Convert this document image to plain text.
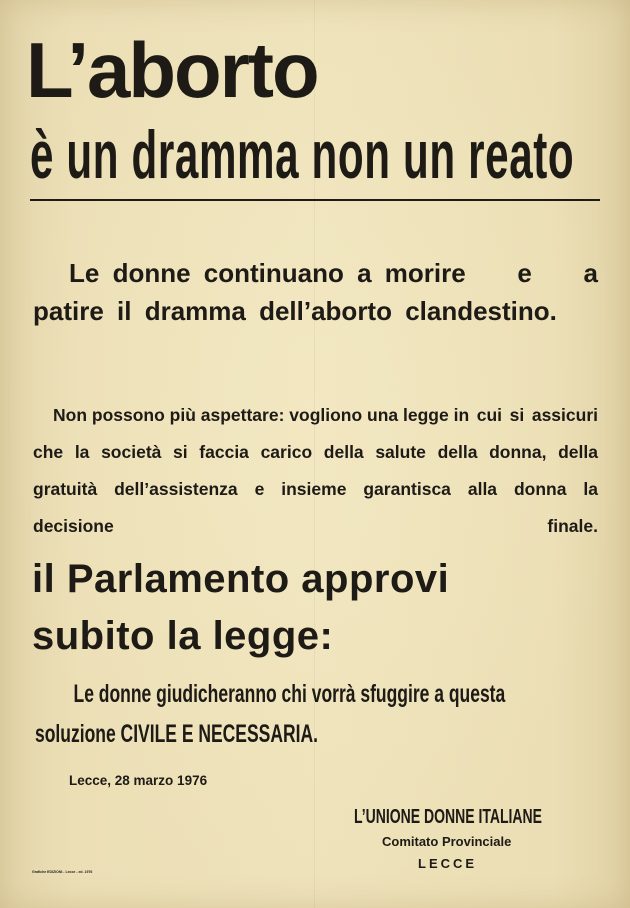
L’aborto
è un dramma non un reato

Le donne continuano a morire e a patire il dramma dell’aborto clandestino.

Non possono più aspettare: vogliono una legge in cui si assicuri che la società si faccia carico della salute della donna, della gratuità dell’assistenza e insieme garantisca alla donna la decisione finale.

il Parlamento approvi

subito la legge:

Le donne giudicheranno chi vorrà sfuggire a questa
soluzione CIVILE E NECESSARIA.

Lecce, 28 marzo 1976

L’UNIONE DONNE ITALIANE

Comitato Provinciale

LECCE

Grafiche EDIZIONI - Lecce - ed. 1976
